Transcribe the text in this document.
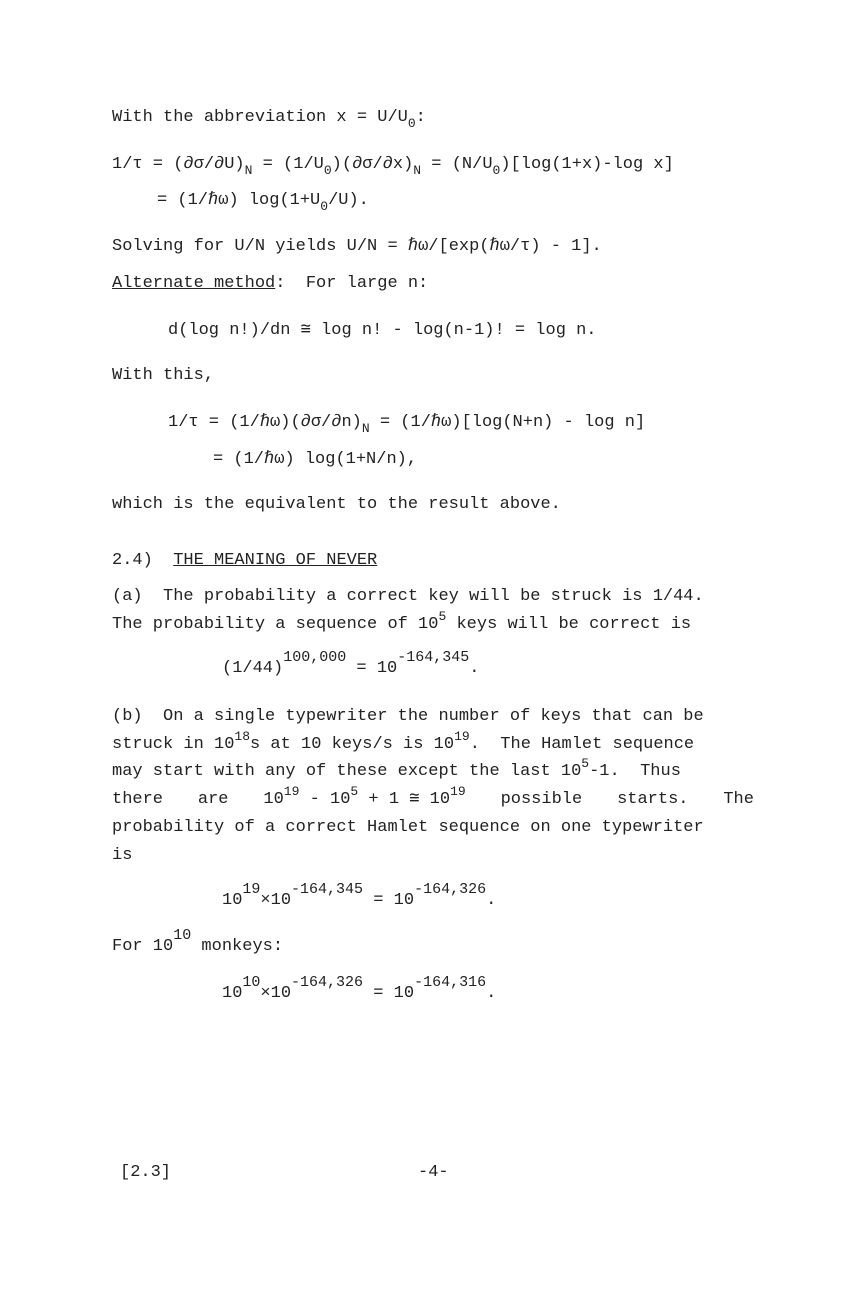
With the abbreviation $x = U/U_0$:
$1/\tau = (\partial\sigma/\partial U)_N = (1/U_0)(\partial\sigma/\partial x)_N = (N/U_0)[\log(1+x)-\log$ x]
= (1/ℏω) $\log(1+U_0/U)$.
Solving for U/N yields U/N = ℏω/[exp(ℏω/τ) - 1].
Alternate method:  For large n:
d(log n!)/dn ≅ log n! - log(n-1)! = log n.
With this,
$1/\tau = (1/\hbar\omega)(\partial\sigma/\partial n)_N$ = (1/ℏω)[log(N+n) - log n]
= (1/ℏω) log(1+N/n),
which is the equivalent to the result above.
2.4) THE MEANING OF NEVER
(a)  The probability a correct key will be struck is 1/44.
The probability a sequence of $10^5$ keys will be correct is
$(1/44)^{100,000} = 10^{-164,345}$.
(b)  On a single typewriter the number of keys that can be
struck in $10^{18}s$ at 10 keys/s is $10^{19}$.  The Hamlet sequence
may start with any of these except the last $10^5-1$.  Thus
there are $10^{19} - 10^5 + 1$ ≅ $10^{19}$ possible starts. The
probability of a correct Hamlet sequence on one typewriter
is
$10^{19}\times 10^{-164,345} = 10^{-164,326}$.
For $10^{10}$ monkeys:
$10^{10}\times 10^{-164,326} = 10^{-164,316}$.
[2.3]	-4-
